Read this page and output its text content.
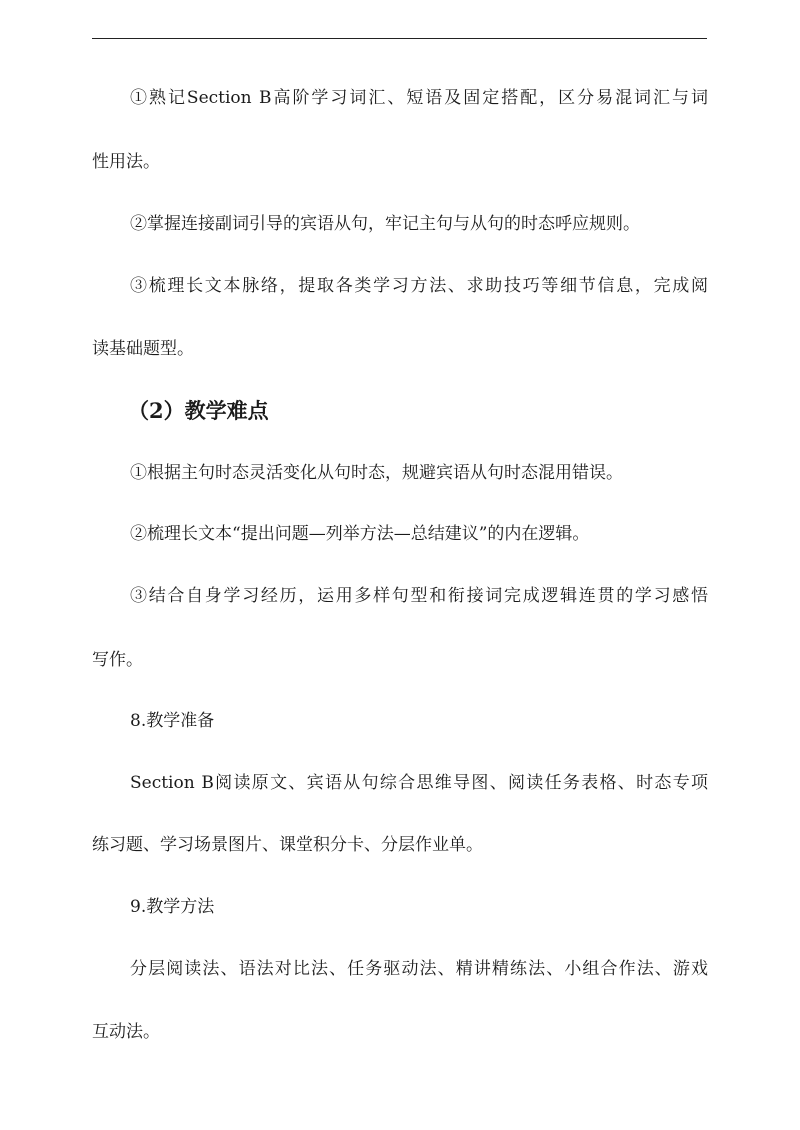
①熟记Section B高阶学习词汇、短语及固定搭配，区分易混词汇与词
性用法。
②掌握连接副词引导的宾语从句，牢记主句与从句的时态呼应规则。
③梳理长文本脉络，提取各类学习方法、求助技巧等细节信息，完成阅
读基础题型。
（2）教学难点
①根据主句时态灵活变化从句时态，规避宾语从句时态混用错误。
②梳理长文本“提出问题—列举方法—总结建议”的内在逻辑。
③结合自身学习经历，运用多样句型和衔接词完成逻辑连贯的学习感悟
写作。
8.教学准备
Section B阅读原文、宾语从句综合思维导图、阅读任务表格、时态专项
练习题、学习场景图片、课堂积分卡、分层作业单。
9.教学方法
分层阅读法、语法对比法、任务驱动法、精讲精练法、小组合作法、游戏
互动法。
